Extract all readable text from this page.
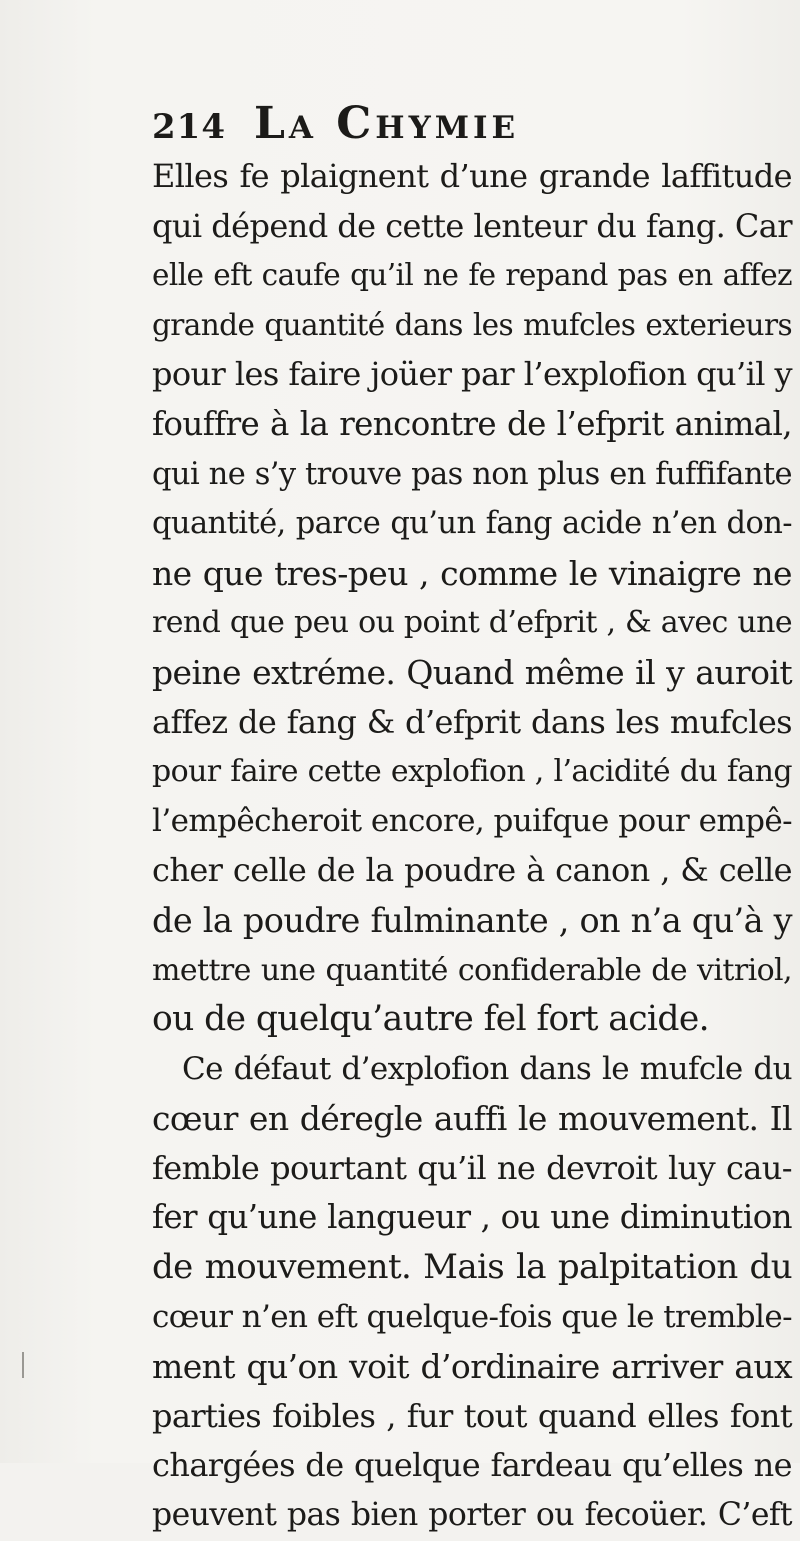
214 La Chymie
Elles fe plaignent d’une grande laffitude
qui dépend de cette lenteur du fang. Car
elle eft caufe qu’il ne fe repand pas en affez
grande quantité dans les mufcles exterieurs
pour les faire joüer par l’explofion qu’il y
fouffre à la rencontre de l’efprit animal,
qui ne s’y trouve pas non plus en fuffifante
quantité, parce qu’un fang acide n’en don-
ne que tres-peu , comme le vinaigre ne
rend que peu ou point d’efprit , & avec une
peine extréme. Quand même il y auroit
affez de fang & d’efprit dans les mufcles
pour faire cette explofion , l’acidité du fang
l’empêcheroit encore, puifque pour empê-
cher celle de la poudre à canon , & celle
de la poudre fulminante , on n’a qu’à y
mettre une quantité confiderable de vitriol,
ou de quelqu’autre fel fort acide.
Ce défaut d’explofion dans le mufcle du
cœur en déregle auffi le mouvement. Il
femble pourtant qu’il ne devroit luy cau-
fer qu’une langueur , ou une diminution
de mouvement. Mais la palpitation du
cœur n’en eft quelque-fois que le tremble-
ment qu’on voit d’ordinaire arriver aux
parties foibles , fur tout quand elles font
chargées de quelque fardeau qu’elles ne
peuvent pas bien porter ou fecoüer. C’eft
